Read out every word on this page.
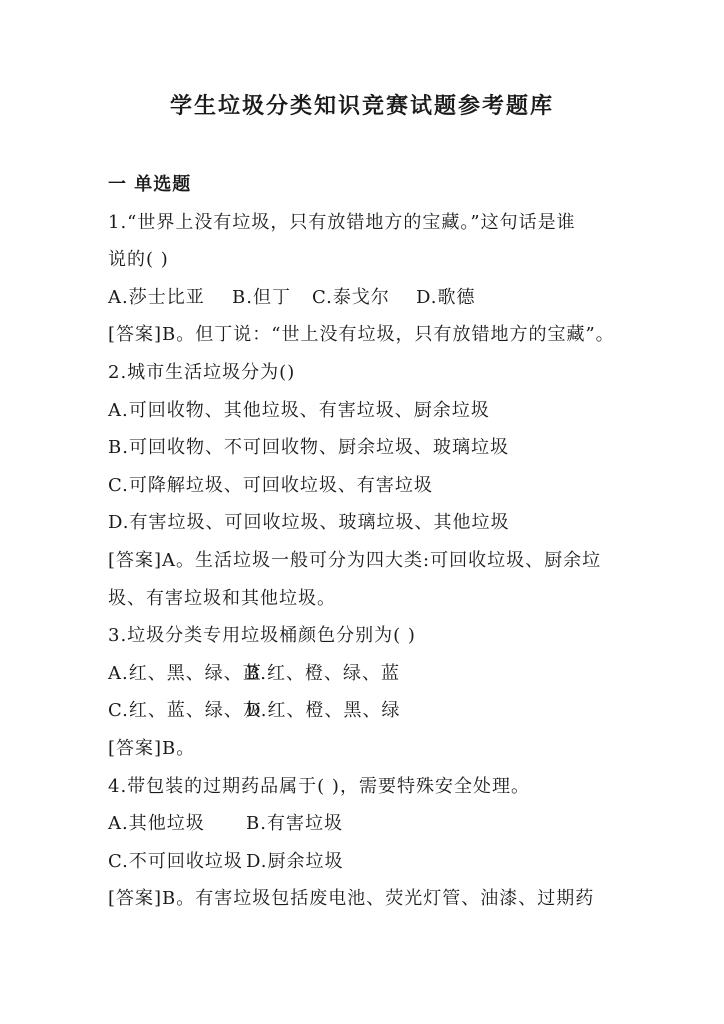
学生垃圾分类知识竞赛试题参考题库
一 单选题
1.“世界上没有垃圾，只有放错地方的宝藏。”这句话是谁
说的( )
A.莎士比亚	B.但丁	C.泰戈尔	D.歌德
[答案]B。但丁说：“世上没有垃圾，只有放错地方的宝藏”。
2.城市生活垃圾分为()
A.可回收物、其他垃圾、有害垃圾、厨余垃圾
B.可回收物、不可回收物、厨余垃圾、玻璃垃圾
C.可降解垃圾、可回收垃圾、有害垃圾
D.有害垃圾、可回收垃圾、玻璃垃圾、其他垃圾
[答案]A。生活垃圾一般可分为四大类:可回收垃圾、厨余垃
圾、有害垃圾和其他垃圾。
3.垃圾分类专用垃圾桶颜色分别为( )
A.红、黑、绿、蓝
B.红、橙、绿、蓝
C.红、蓝、绿、灰
D.红、橙、黑、绿
[答案]B。
4.带包装的过期药品属于( )，需要特殊安全处理。
A.其他垃圾	B.有害垃圾
C.不可回收垃圾 D.厨余垃圾
[答案]B。有害垃圾包括废电池、荧光灯管、油漆、过期药
